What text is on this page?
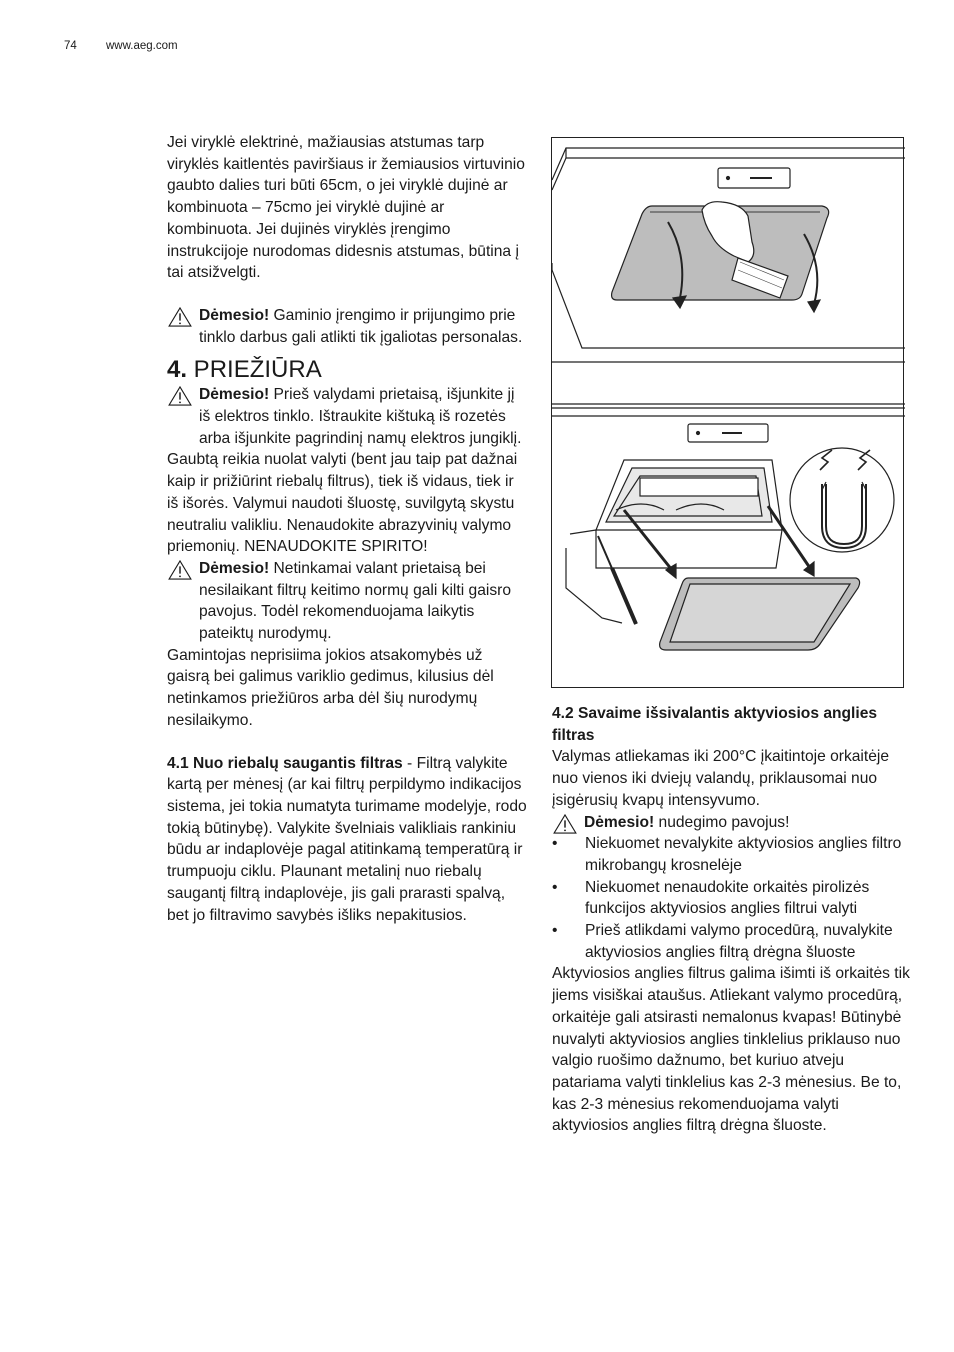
74	www.aeg.com

Jei viryklė elektrinė, mažiausias atstumas tarp viryklės kaitlentės paviršiaus ir žemiausios virtuvinio gaubto dalies turi būti 65cm, o jei viryklė dujinė ar kombinuota – 75cmo jei viryklė dujinė ar kombinuota. Jei dujinės viryklės įrengimo instrukcijoje nurodomas didesnis atstumas, būtina į tai atsižvelgti.

Dėmesio! Gaminio įrengimo ir prijungimo prie tinklo darbus gali atlikti tik įgaliotas personalas.
4. PRIEŽIŪRA
Dėmesio! Prieš valydami prietaisą, išjunkite jį iš elektros tinklo. Ištraukite kištuką iš rozetės arba išjunkite pagrindinį namų elektros jungiklį.

Gaubtą reikia nuolat valyti (bent jau taip pat dažnai kaip ir prižiūrint riebalų filtrus), tiek iš vidaus, tiek ir iš išorės. Valymui naudoti šluostę, suvilgytą skystu neutraliu valikliu. Nenaudokite abrazyvinių valymo priemonių. NENAUDOKITE SPIRITO!

Dėmesio! Netinkamai valant prietaisą bei nesilaikant filtrų keitimo normų gali kilti gaisro pavojus. Todėl rekomenduojama laikytis pateiktų nurodymų.

Gamintojas neprisiima jokios atsakomybės už gaisrą bei galimus variklio gedimus, kilusius dėl netinkamos priežiūros arba dėl šių nurodymų nesilaikymo.

4.1 Nuo riebalų saugantis filtras - Filtrą valykite kartą per mėnesį (ar kai filtrų perpildymo indikacijos sistema, jei tokia numatyta turimame modelyje, rodo tokią būtinybę). Valykite švelniais valikliais rankiniu būdu ar indaplovėje pagal atitinkamą temperatūrą ir trumpuoju ciklu. Plaunant metalinį nuo riebalų saugantį filtrą indaplovėje, jis gali prarasti spalvą, bet jo filtravimo savybės išliks nepakitusios.

4.2 Savaime išsivalantis aktyviosios anglies filtras

Valymas atliekamas iki 200°C įkaitintoje orkaitėje nuo vienos iki dviejų valandų, priklausomai nuo įsigėrusių kvapų intensyvumo.

Dėmesio! nudegimo pavojus!
• Niekuomet nevalykite aktyviosios anglies filtro mikrobangų krosnelėje
• Niekuomet nenaudokite orkaitės pirolizės funkcijos aktyviosios anglies filtrui valyti
• Prieš atlikdami valymo procedūrą, nuvalykite aktyviosios anglies filtrą drėgna šluoste

Aktyviosios anglies filtrus galima išimti iš orkaitės tik jiems visiškai ataušus. Atliekant valymo procedūrą, orkaitėje gali atsirasti nemalonus kvapas! Būtinybė nuvalyti aktyviosios anglies tinklelius priklauso nuo valgio ruošimo dažnumo, bet kuriuo atveju patariama valyti tinklelius kas 2-3 mėnesius. Be to, kas 2-3 mėnesius rekomenduojama valyti aktyviosios anglies filtrą drėgna šluoste.
